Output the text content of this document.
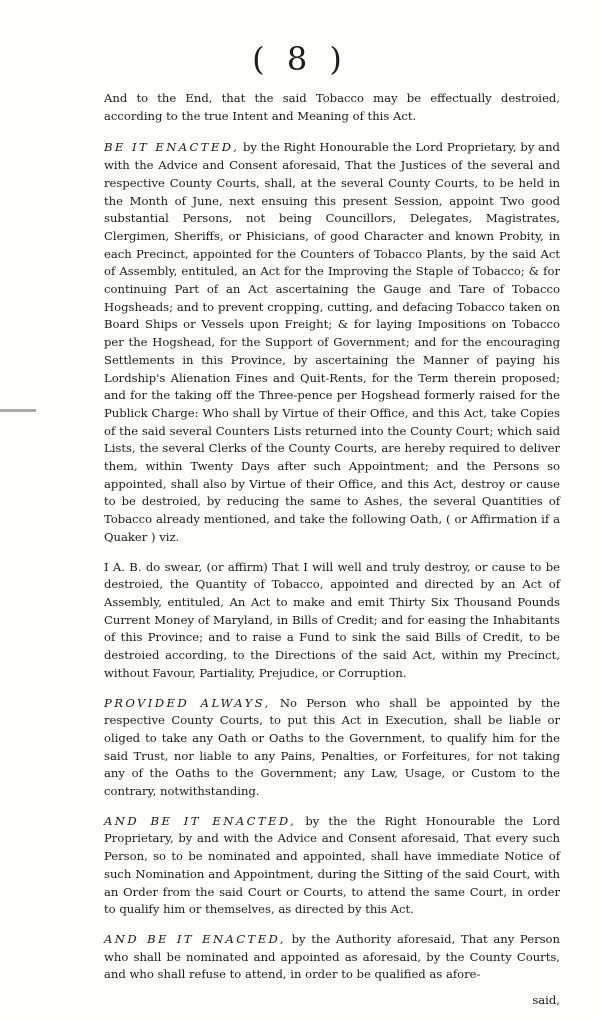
( 8 )

And to the End, that the said Tobacco may be effectually destroied, according to the true Intent and Meaning of this Act.

BE IT ENACTED, by the Right Honourable the Lord Proprietary, by and with the Advice and Consent aforesaid, That the Justices of the several and respective County Courts, shall, at the several County Courts, to be held in the Month of June, next ensuing this present Session, appoint Two good substantial Persons, not being Councillors, Delegates, Magistrates, Clergimen, Sheriffs, or Phisicians, of good Character and known Probity, in each Precinct, appointed for the Counters of Tobacco Plants, by the said Act of Assembly, entituled, an Act for the Improving the Staple of Tobacco; & for continuing Part of an Act ascertaining the Gauge and Tare of Tobacco Hogsheads; and to prevent cropping, cutting, and defacing Tobacco taken on Board Ships or Vessels upon Freight; & for laying Impositions on Tobacco per the Hogshead, for the Support of Government; and for the encouraging Settlements in this Province, by ascertaining the Manner of paying his Lordship's Alienation Fines and Quit-Rents, for the Term therein proposed; and for the taking off the Three-pence per Hogshead formerly raised for the Publick Charge: Who shall by Virtue of their Office, and this Act, take Copies of the said several Counters Lists returned into the County Court; which said Lists, the several Clerks of the County Courts, are hereby required to deliver them, within Twenty Days after such Appointment; and the Persons so appointed, shall also by Virtue of their Office, and this Act, destroy or cause to be destroied, by reducing the same to Ashes, the several Quantities of Tobacco already mentioned, and take the following Oath, ( or Affirmation if a Quaker ) viz.

I A. B. do swear, (or affirm) That I will well and truly destroy, or cause to be destroied, the Quantity of Tobacco, appointed and directed by an Act of Assembly, entituled, An Act to make and emit Thirty Six Thousand Pounds Current Money of Maryland, in Bills of Credit; and for easing the Inhabitants of this Province; and to raise a Fund to sink the said Bills of Credit, to be destroied according, to the Directions of the said Act, within my Precinct, without Favour, Partiality, Prejudice, or Corruption.

PROVIDED ALWAYS, No Person who shall be appointed by the respective County Courts, to put this Act in Execution, shall be liable or oliged to take any Oath or Oaths to the Government, to qualify him for the said Trust, nor liable to any Pains, Penalties, or Forfeitures, for not taking any of the Oaths to the Government; any Law, Usage, or Custom to the contrary, notwithstanding.

AND BE IT ENACTED, by the the Right Honourable the Lord Proprietary, by and with the Advice and Consent aforesaid, That every such Person, so to be nominated and appointed, shall have immediate Notice of such Nomination and Appointment, during the Sitting of the said Court, with an Order from the said Court or Courts, to attend the same Court, in order to qualify him or themselves, as directed by this Act.

AND BE IT ENACTED, by the Authority aforesaid, That any Person who shall be nominated and appointed as aforesaid, by the County Courts, and who shall refuse to attend, in order to be qualified as afore-

said,
